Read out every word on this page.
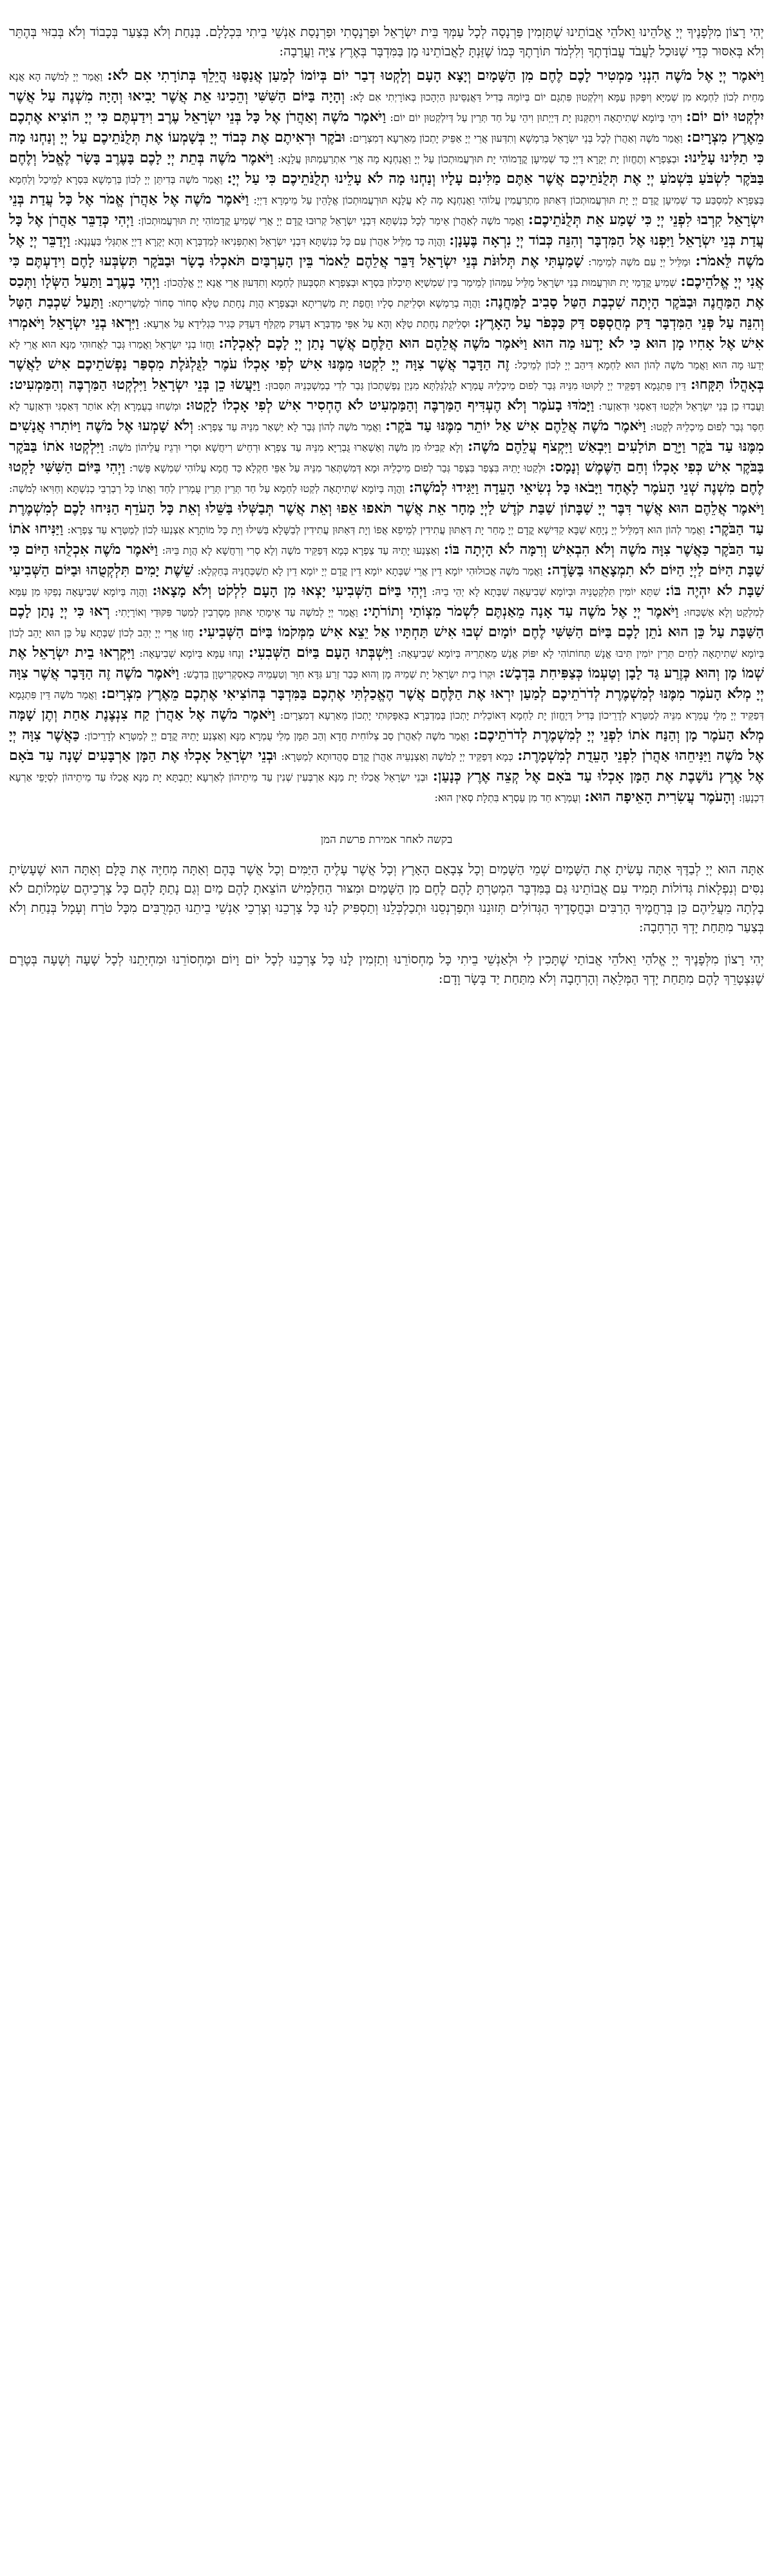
יְהִי רָצוֹן מִלְּפָנֶיךָ יְיָ אֱלֹהֵינוּ וֵאלֹהֵי אֲבוֹתֵינוּ שֶׁתַּזְמִין פַּרְנָסָה לְכָל עַמְּךָ בֵּית יִשְׂרָאֵל וּפַרְנָסָתִי וּפַרְנָסַת אַנְשֵׁי בֵיתִי בִּכְלָלָם. בְּנַחַת וְלֹא בְּצַעַר בְּכָבוֹד וְלֹא בְּבִזּוּי בְּהֶתֵּר וְלֹא בְּאִסּוּר כְּדֵי שֶׁנּוּכַל לַעֲבֹד עֲבוֹדָתֶךָ וְלִלְמֹד תּוֹרָתֶךָ כְּמוֹ שֶׁזַּנְתָּ לַאֲבוֹתֵינוּ מָן בַּמִּדְבָּר בְּאֶרֶץ צִיָּה וַעֲרָבָה:

וַיֹּאמֶר יְיָ אֶל מֹשֶׁה הִנְנִי מַמְטִיר לָכֶם לֶחֶם מִן הַשָּׁמָיִם וְיָצָא הָעָם וְלָקְטוּ דְבַר יוֹם בְּיוֹמוֹ לְמַעַן אֲנַסֶּנּוּ הֲיֵלֵךְ בְּתוֹרָתִי אִם לֹא: וַאֲמַר יְיָ לְמֹשֶׁה הָא אֲנָא מַחֵית לְכוֹן לַחְמָא מִן שְׁמַיָּא וְיִפְּקוּן עַמָּא וְיִלְקְטוּן פִּתְגָם יוֹם בְּיוֹמֵהּ בְּדִיל דַּאֲנַסֵּינוּן הַיְהָכוּן בְּאוֹרָיְתִי אִם לָא: וְהָיָה בַּיּוֹם הַשִּׁשִּׁי וְהֵכִינוּ אֵת אֲשֶׁר יָבִיאוּ וְהָיָה מִשְׁנֶה עַל אֲשֶׁר יִלְקְטוּ יוֹם יוֹם: וִיהֵי בְּיוֹמָא שְׁתִיתָאָה וִיתַקְּנוּן יָת דְּיַיְתוּן וִיהֵי עַל חַד תְּרֵין עַל דְּיִלְקְטוּן יוֹם יוֹם: וַיֹּאמֶר מֹשֶׁה וְאַהֲרֹן אֶל כָּל בְּנֵי יִשְׂרָאֵל עֶרֶב וִידַעְתֶּם כִּי יְיָ הוֹצִיא אֶתְכֶם מֵאֶרֶץ מִצְרָיִם: וַאֲמַר מֹשֶׁה וְאַהֲרֹן לְכָל בְּנֵי יִשְׂרָאֵל בְּרַמְשָׁא וְתִדְּעוּן אֲרֵי יְיָ אַפֵּיק יָתְכוֹן מֵאַרְעָא דְמִצְרָיִם: וּבֹקֶר וּרְאִיתֶם אֶת כְּבוֹד יְיָ בְּשָׁמְעוֹ אֶת תְּלֻנֹּתֵיכֶם עַל יְיָ וְנַחְנוּ מָה כִּי תַלִּינוּ עָלֵינוּ: וּבְצַפְרָא וְתֶחֱזוֹן יָת יְקָרָא דַיְיָ כַּד שְׁמִיעָן קֳדָמוֹהִי יָת תּוּרְעֲמוּתְכוֹן עַל יְיָ וַאֲנַחְנָא מָה אֲרֵי אִתְרַעַמְתּוּן עֲלָנָא: וַיֹּאמֶר מֹשֶׁה בְּתֵת יְיָ לָכֶם בָּעֶרֶב בָּשָׂר לֶאֱכֹל וְלֶחֶם בַּבֹּקֶר לִשְׂבֹּעַ בִּשְׁמֹעַ יְיָ אֶת תְּלֻנֹּתֵיכֶם אֲשֶׁר אַתֶּם מַלִּינִם עָלָיו וְנַחְנוּ מָה לֹא עָלֵינוּ תְלֻנֹּתֵיכֶם כִּי עַל יְיָ: וַאֲמַר מֹשֶׁה בְּדִיתֵּן יְיָ לְכוֹן בְּרַמְשָׁא בִּסְרָא לְמֵיכַל וְלַחְמָא בְּצַפְרָא לְמִסְבַּע כַּד שְׁמִיעָן קֳדָם יְיָ יָת תּוּרְעֲמוּתְכוֹן דְּאַתּוּן מִתְרַעֲמִין עֲלוֹהִי וַאֲנַחְנָא מָה לָא עֲלָנָא תּוּרְעֲמוּתְכוֹן אֱלָהֵין עַל מֵימְרָא דַיְיָ: וַיֹּאמֶר מֹשֶׁה אֶל אַהֲרֹן אֱמֹר אֶל כָּל עֲדַת בְּנֵי יִשְׂרָאֵל קִרְבוּ לִפְנֵי יְיָ כִּי שָׁמַע אֵת תְּלֻנֹּתֵיכֶם: וַאֲמַר מֹשֶׁה לְאַהֲרֹן אֵימַר לְכָל כְּנִשְׁתָּא דִּבְנֵי יִשְׂרָאֵל קְרוּבוּ קֳדָם יְיָ אֲרֵי שְׁמִיעַ קֳדָמוֹהִי יָת תּוּרְעֲמוּתְכוֹן: וַיְהִי כְּדַבֵּר אַהֲרֹן אֶל כָּל עֲדַת בְּנֵי יִשְׂרָאֵל וַיִּפְנוּ אֶל הַמִּדְבָּר וְהִנֵּה כְּבוֹד יְיָ נִרְאָה בֶּעָנָן: וַהֲוָה כַּד מַלֵּיל אַהֲרֹן עִם כָּל כְּנִשְׁתָּא דִּבְנֵי יִשְׂרָאֵל וְאִתְפְּנִיאוּ לְמַדְבְּרָא וְהָא יְקָרָא דַיְיָ אִתְגְּלִי בַּעֲנָנָא: וַיְדַבֵּר יְיָ אֶל מֹשֶׁה לֵּאמֹר: וּמַלֵּיל יְיָ עִם מֹשֶׁה לְמֵימַר: שָׁמַעְתִּי אֶת תְּלוּנֹּת בְּנֵי יִשְׂרָאֵל דַּבֵּר אֲלֵהֶם לֵאמֹר בֵּין הָעַרְבַּיִם תֹּאכְלוּ בָשָׂר וּבַבֹּקֶר תִּשְׂבְּעוּ לָחֶם וִידַעְתֶּם כִּי אֲנִי יְיָ אֱלֹהֵיכֶם: שְׁמִיעַ קֳדָמַי יָת תּוּרְעֲמוּת בְּנֵי יִשְׂרָאֵל מַלֵּיל עִמְּהוֹן לְמֵימַר בֵּין שִׁמְשַׁיָּא תֵּיכְלוּן בִּסְרָא וּבְצַפְרָא תִּסְבְּעוּן לַחְמָא וְתִדְּעוּן אֲרֵי אֲנָא יְיָ אֱלָהֲכוֹן: וַיְהִי בָעֶרֶב וַתַּעַל הַשְּׂלָו וַתְּכַס אֶת הַמַּחֲנֶה וּבַבֹּקֶר הָיְתָה שִׁכְבַת הַטַּל סָבִיב לַמַּחֲנֶה: וַהֲוָה בְרַמְשָׁא וּסְלֵיקַת סְלָיו וַחֲפַת יָת מַשְׁרִיתָא וּבְצַפְרָא הֲוָת נְחָתַת טַלָּא סְחוֹר סְחוֹר לְמַשְׁרִיתָא: וַתַּעַל שִׁכְבַת הַטָּל וְהִנֵּה עַל פְּנֵי הַמִּדְבָּר דַּק מְחֻסְפָּס דַּק כַּכְּפֹר עַל הָאָרֶץ: וּסְלֵיקַת נְחָתַת טַלָּא וְהָא עַל אַפֵּי מַדְבְּרָא דַּעְדַּק מְקַלַּף דַּעְדַּק כְּגִיר כִּגְלִידָא עַל אַרְעָא: וַיִּרְאוּ בְנֵי יִשְׂרָאֵל וַיֹּאמְרוּ אִישׁ אֶל אָחִיו מָן הוּא כִּי לֹא יָדְעוּ מַה הוּא וַיֹּאמֶר מֹשֶׁה אֲלֵהֶם הוּא הַלֶּחֶם אֲשֶׁר נָתַן יְיָ לָכֶם לְאָכְלָה: וַחֲזוֹ בְנֵי יִשְׂרָאֵל וַאֲמַרוּ גְּבַר לַאֲחוּהִי מַנָּא הוּא אֲרֵי לָא יְדַעוּ מָה הוּא וַאֲמַר מֹשֶׁה לְהוֹן הוּא לַחְמָא דִּיהַב יְיָ לְכוֹן לְמֵיכַל: זֶה הַדָּבָר אֲשֶׁר צִוָּה יְיָ לִקְטוּ מִמֶּנּוּ אִישׁ לְפִי אָכְלוֹ עֹמֶר לַגֻּלְגֹּלֶת מִסְפַּר נַפְשֹׁתֵיכֶם אִישׁ לַאֲשֶׁר בְּאָהֳלוֹ תִּקָּחוּ: דֵּין פִּתְגָמָא דְּפַקֵּיד יְיָ לְקוּטוּ מִנֵּיהּ גְּבַר לְפוּם מֵיכְלֵיהּ עֻמְרָא לְגֻלְגַּלְתָּא מִנְיַן נַפְשָׁתְכוֹן גְּבַר לְדִי בְמַשְׁכְּנֵיהּ תִּסְּבוּן: וַיַּעֲשׂוּ כֵן בְּנֵי יִשְׂרָאֵל וַיִּלְקְטוּ הַמַּרְבֶּה וְהַמַּמְעִיט: וַעֲבַדוּ כֵן בְּנֵי יִשְׂרָאֵל וּלְקַטוּ דְּאַסְגִּי וּדְאַזְעַר: וַיָּמֹדּוּ בָעֹמֶר וְלֹא הֶעְדִּיף הַמַּרְבֶּה וְהַמַּמְעִיט לֹא הֶחְסִיר אִישׁ לְפִי אָכְלוֹ לָקָטוּ: וּמְשַׁחוּ בְעֻמְרָא וְלָא אוֹתַר דְּאַסְגִּי וּדְאַזְעַר לָא חַסַּר גְּבַר לְפוּם מֵיכְלֵיהּ לְקָטוּ: וַיֹּאמֶר מֹשֶׁה אֲלֵהֶם אִישׁ אַל יוֹתֵר מִמֶּנּוּ עַד בֹּקֶר: וַאֲמַר מֹשֶׁה לְהוֹן גְּבַר לָא יַשְׁאַר מִנֵּיהּ עַד צַפְרָא: וְלֹא שָׁמְעוּ אֶל מֹשֶׁה וַיּוֹתִרוּ אֲנָשִׁים מִמֶּנּוּ עַד בֹּקֶר וַיָּרֻם תּוֹלָעִים וַיִּבְאַשׁ וַיִּקְצֹף עֲלֵהֶם מֹשֶׁה: וְלָא קַבִּילוּ מִן מֹשֶׁה וְאַשְׁאַרוּ גֻּבְרַיָּא מִנֵּיהּ עַד צַפְרָא וּרְחֵישׁ רִיחֲשָׁא וּסְרִי וּרְגֵיז עֲלֵיהוֹן מֹשֶׁה: וַיִּלְקְטוּ אֹתוֹ בַּבֹּקֶר בַּבֹּקֶר אִישׁ כְּפִי אָכְלוֹ וְחַם הַשֶּׁמֶשׁ וְנָמָס: וּלְקַטוּ יָתֵיהּ בִּצְפַר בִּצְפַר גְּבַר לְפוּם מֵיכְלֵיהּ וּמָא דְּמִשְׁתְּאַר מִנֵּיהּ עַל אַפֵּי חַקְלָא כַּד חֲמָא עֲלוֹהִי שִׁמְשָׁא פָּשַׁר: וַיְהִי בַּיּוֹם הַשִּׁשִּׁי לָקְטוּ לֶחֶם מִשְׁנֶה שְׁנֵי הָעֹמֶר לָאֶחָד וַיָּבֹאוּ כָּל נְשִׂיאֵי הָעֵדָה וַיַּגִּידוּ לְמֹשֶׁה: וַהֲוָה בְּיוֹמָא שְׁתִיתָאָה לְקַטוּ לַחְמָא עַל חַד תְּרֵין תְּרֵין עֻמְרִין לְחַד וַאֲתוֹ כָּל רַבְרְבֵי כְנִשְׁתָּא וְחַוִּיאוּ לְמֹשֶׁה: וַיֹּאמֶר אֲלֵהֶם הוּא אֲשֶׁר דִּבֶּר יְיָ שַׁבָּתוֹן שַׁבַּת קֹדֶשׁ לַיְיָ מָחָר אֵת אֲשֶׁר תֹּאפוּ אֵפוּ וְאֵת אֲשֶׁר תְּבַשְּׁלוּ בַּשֵּׁלוּ וְאֵת כָּל הָעֹדֵף הַנִּיחוּ לָכֶם לְמִשְׁמֶרֶת עַד הַבֹּקֶר: וַאֲמַר לְהוֹן הוּא דְּמַלֵּיל יְיָ נְיָחָא שַׁבָּא קַדִּישָׁא קֳדָם יְיָ מְחַר יָת דְּאַתּוּן עֲתִידִין לְמֵיפֵא אֲפוֹ וְיָת דְּאַתּוּן עֲתִידִין לְבַשָּׁלָא בַּשִּׁילוּ וְיָת כָּל מוֹתָרָא אַצְנַעוּ לְכוֹן לְמַטְּרָא עַד צַפְרָא: וַיַּנִּיחוּ אֹתוֹ עַד הַבֹּקֶר כַּאֲשֶׁר צִוָּה מֹשֶׁה וְלֹא הִבְאִישׁ וְרִמָּה לֹא הָיְתָה בּוֹ: וְאַצְנַעוּ יָתֵיהּ עַד צַפְרָא כְּמָא דְּפַקֵּיד מֹשֶׁה וְלָא סְרִי וְרִחֲשָׁא לָא הֲוָת בֵּיהּ: וַיֹּאמֶר מֹשֶׁה אִכְלֻהוּ הַיּוֹם כִּי שַׁבָּת הַיּוֹם לַיְיָ הַיּוֹם לֹא תִמְצָאֻהוּ בַּשָּׂדֶה: וַאֲמַר מֹשֶׁה אֲכוּלוּהִי יוֹמָא דֵין אֲרֵי שַׁבְּתָא יוֹמָא דֵין קֳדָם יְיָ יוֹמָא דֵין לָא תַשְׁכְּחֻנֵּיהּ בְּחַקְלָא: שֵׁשֶׁת יָמִים תִּלְקְטֻהוּ וּבַיּוֹם הַשְּׁבִיעִי שַׁבָּת לֹא יִהְיֶה בּוֹ: שִׁתָּא יוֹמִין תִּלְקְטֻנֵּיהּ וּבְיוֹמָא שְׁבִיעָאָה שַׁבְּתָא לָא יְהֵי בֵיהּ: וַיְהִי בַּיּוֹם הַשְּׁבִיעִי יָצְאוּ מִן הָעָם לִלְקֹט וְלֹא מָצָאוּ: וַהֲוָה בְּיוֹמָא שְׁבִיעָאָה נְפַקוּ מִן עַמָּא לְמִלְקַט וְלָא אַשְׁכַּחוּ: וַיֹּאמֶר יְיָ אֶל מֹשֶׁה עַד אָנָה מֵאַנְתֶּם לִשְׁמֹר מִצְוֹתַי וְתוֹרֹתָי: וַאֲמַר יְיָ לְמֹשֶׁה עַד אֵימָתַי אַתּוּן מְסָרְבִין לְמִטַּר פִּקּוּדַי וְאוֹרָיָתִי: רְאוּ כִּי יְיָ נָתַן לָכֶם הַשַּׁבָּת עַל כֵּן הוּא נֹתֵן לָכֶם בַּיּוֹם הַשִּׁשִּׁי לֶחֶם יוֹמָיִם שְׁבוּ אִישׁ תַּחְתָּיו אַל יֵצֵא אִישׁ מִמְּקֹמוֹ בַּיּוֹם הַשְּׁבִיעִי: חֲזוֹ אֲרֵי יְיָ יְהַב לְכוֹן שַׁבְּתָא עַל כֵּן הוּא יָהֵב לְכוֹן בְּיוֹמָא שְׁתִיתָאָה לְחֵים תְּרֵין יוֹמִין תִּיבוּ אֱנָשׁ תְּחוֹתוֹהִי לָא יִפּוֹק אֱנָשׁ מֵאַתְרֵיהּ בְּיוֹמָא שְׁבִיעָאָה: וַיִּשְׁבְּתוּ הָעָם בַּיּוֹם הַשְּׁבִעִי: וְנָחוּ עַמָּא בְּיוֹמָא שְׁבִיעָאָה: וַיִּקְרְאוּ בֵית יִשְׂרָאֵל אֶת שְׁמוֹ מָן וְהוּא כְּזֶרַע גַּד לָבָן וְטַעְמוֹ כְּצַפִּיחִת בִּדְבָשׁ: וּקְרוֹ בֵית יִשְׂרָאֵל יָת שְׁמֵיהּ מָן וְהוּא כְּבַר זְרַע גִּדָּא חִוָּר וְטַעְמֵיהּ כְּאִסְקְרִיטָוָן בִּדְבָשׁ: וַיֹּאמֶר מֹשֶׁה זֶה הַדָּבָר אֲשֶׁר צִוָּה יְיָ מְלֹא הָעֹמֶר מִמֶּנּוּ לְמִשְׁמֶרֶת לְדֹרֹתֵיכֶם לְמַעַן יִרְאוּ אֶת הַלֶּחֶם אֲשֶׁר הֶאֱכַלְתִּי אֶתְכֶם בַּמִּדְבָּר בְּהוֹצִיאִי אֶתְכֶם מֵאֶרֶץ מִצְרָיִם: וַאֲמַר מֹשֶׁה דֵּין פִּתְגָמָא דְּפַקֵּיד יְיָ מְלֵי עֻמְרָא מִנֵּיהּ לְמַטְּרָא לְדָרֵיכוֹן בְּדִיל דְּיֶחֱזוֹן יָת לַחְמָא דְּאוֹכֵלִית יָתְכוֹן בְּמַדְבְּרָא בְּאַפָּקוּתִי יָתְכוֹן מֵאַרְעָא דְמִצְרָיִם: וַיֹּאמֶר מֹשֶׁה אֶל אַהֲרֹן קַח צִנְצֶנֶת אַחַת וְתֶן שָׁמָּה מְלֹא הָעֹמֶר מָן וְהַנַּח אֹתוֹ לִפְנֵי יְיָ לְמִשְׁמֶרֶת לְדֹרֹתֵיכֶם: וַאֲמַר מֹשֶׁה לְאַהֲרֹן סַב צְלוֹחִית חֲדָא וְהַב תַּמָּן מְלֵי עֻמְרָא מַנָּא וְאַצְנַע יָתֵיהּ קֳדָם יְיָ לְמַטְּרָא לְדָרֵיכוֹן: כַּאֲשֶׁר צִוָּה יְיָ אֶל מֹשֶׁה וַיַּנִּיחֵהוּ אַהֲרֹן לִפְנֵי הָעֵדֻת לְמִשְׁמָרֶת: כְּמָא דְּפַקֵּיד יְיָ לְמֹשֶׁה וְאַצְנְעֵיהּ אַהֲרֹן קֳדָם סַהֲדוּתָא לְמַטְּרָא: וּבְנֵי יִשְׂרָאֵל אָכְלוּ אֶת הַמָּן אַרְבָּעִים שָׁנָה עַד בֹּאָם אֶל אֶרֶץ נוֹשָׁבֶת אֶת הַמָּן אָכְלוּ עַד בֹּאָם אֶל קְצֵה אֶרֶץ כְּנָעַן: וּבְנֵי יִשְׂרָאֵל אֲכַלוּ יָת מַנָּא אַרְבְּעִין שְׁנִין עַד מֵיתֵיהוֹן לְאַרְעָא יָתֵבְתָּא יָת מַנָּא אֲכַלוּ עַד מֵיתֵיהוֹן לִסְיָפֵי אַרְעָא דִכְנָעַן: וְהָעֹמֶר עֲשִׂרִית הָאֵיפָה הוּא: וְעֻמְרָא חַד מִן עַסְרָא בִּתְלָת סְאִין הוּא:
בקשה לאחר אמירת פרשת המן

אַתָּה הוּא יְיָ לְבַדֶּךָ אַתָּה עָשִׂיתָ אֶת הַשָּׁמַיִם שְׁמֵי הַשָּׁמַיִם וְכָל צְבָאָם הָאָרֶץ וְכָל אֲשֶׁר עָלֶיהָ הַיַּמִּים וְכָל אֲשֶׁר בָּהֶם וְאַתָּה מְחַיֶּה אֶת כֻּלָּם וְאַתָּה הוּא שֶׁעָשִׂיתָ נִסִּים וְנִפְלָאוֹת גְּדוֹלוֹת תָּמִיד עִם אֲבוֹתֵינוּ גַּם בַּמִּדְבָּר הִמְטַרְתָּ לָהֶם לֶחֶם מִן הַשָּׁמַיִם וּמִצּוּר הַחַלָּמִישׁ הוֹצֵאתָ לָהֶם מַיִם וְגַם נָתַתָּ לָהֶם כָּל צָרְכֵיהֶם שִׂמְלוֹתָם לֹא בָלְתָה מֵעֲלֵיהֶם כֵּן בְּרַחֲמֶיךָ הָרַבִּים וּבַחֲסָדֶיךָ הַגְּדוֹלִים תְּזוּנֵנוּ וּתְפַרְנְסֵנוּ וּתְכַלְכְּלֵנוּ וְתַסְפִּיק לָנוּ כָּל צָרְכֵנוּ וְצָרְכֵי אַנְשֵׁי בֵיתֵנוּ הַמְרֻבִּים מִכָּל טֹרַח וְעָמָל בְּנַחַת וְלֹא בְּצַעַר מִתַּחַת יָדְךָ הָרְחָבָה:

יְהִי רָצוֹן מִלְּפָנֶיךָ יְיָ אֱלֹהַי וֵאלֹהֵי אֲבוֹתַי שֶׁתָּכִין לִי וּלְאַנְשֵׁי בֵיתִי כָּל מַחְסוֹרֵנוּ וְתַזְמִין לָנוּ כָּל צָרְכֵנוּ לְכָל יוֹם וָיוֹם וּמַחְסוֹרֵנוּ וּמִחְיָתֵנוּ לְכָל שָׁעָה וְשָׁעָה בְּטֶרֶם שֶׁנִּצְטָרֵךְ לָהֶם מִתַּחַת יָדְךָ הַמְּלֵאָה וְהָרְחָבָה וְלֹא מִתַּחַת יַד בָּשָׂר וָדָם:
